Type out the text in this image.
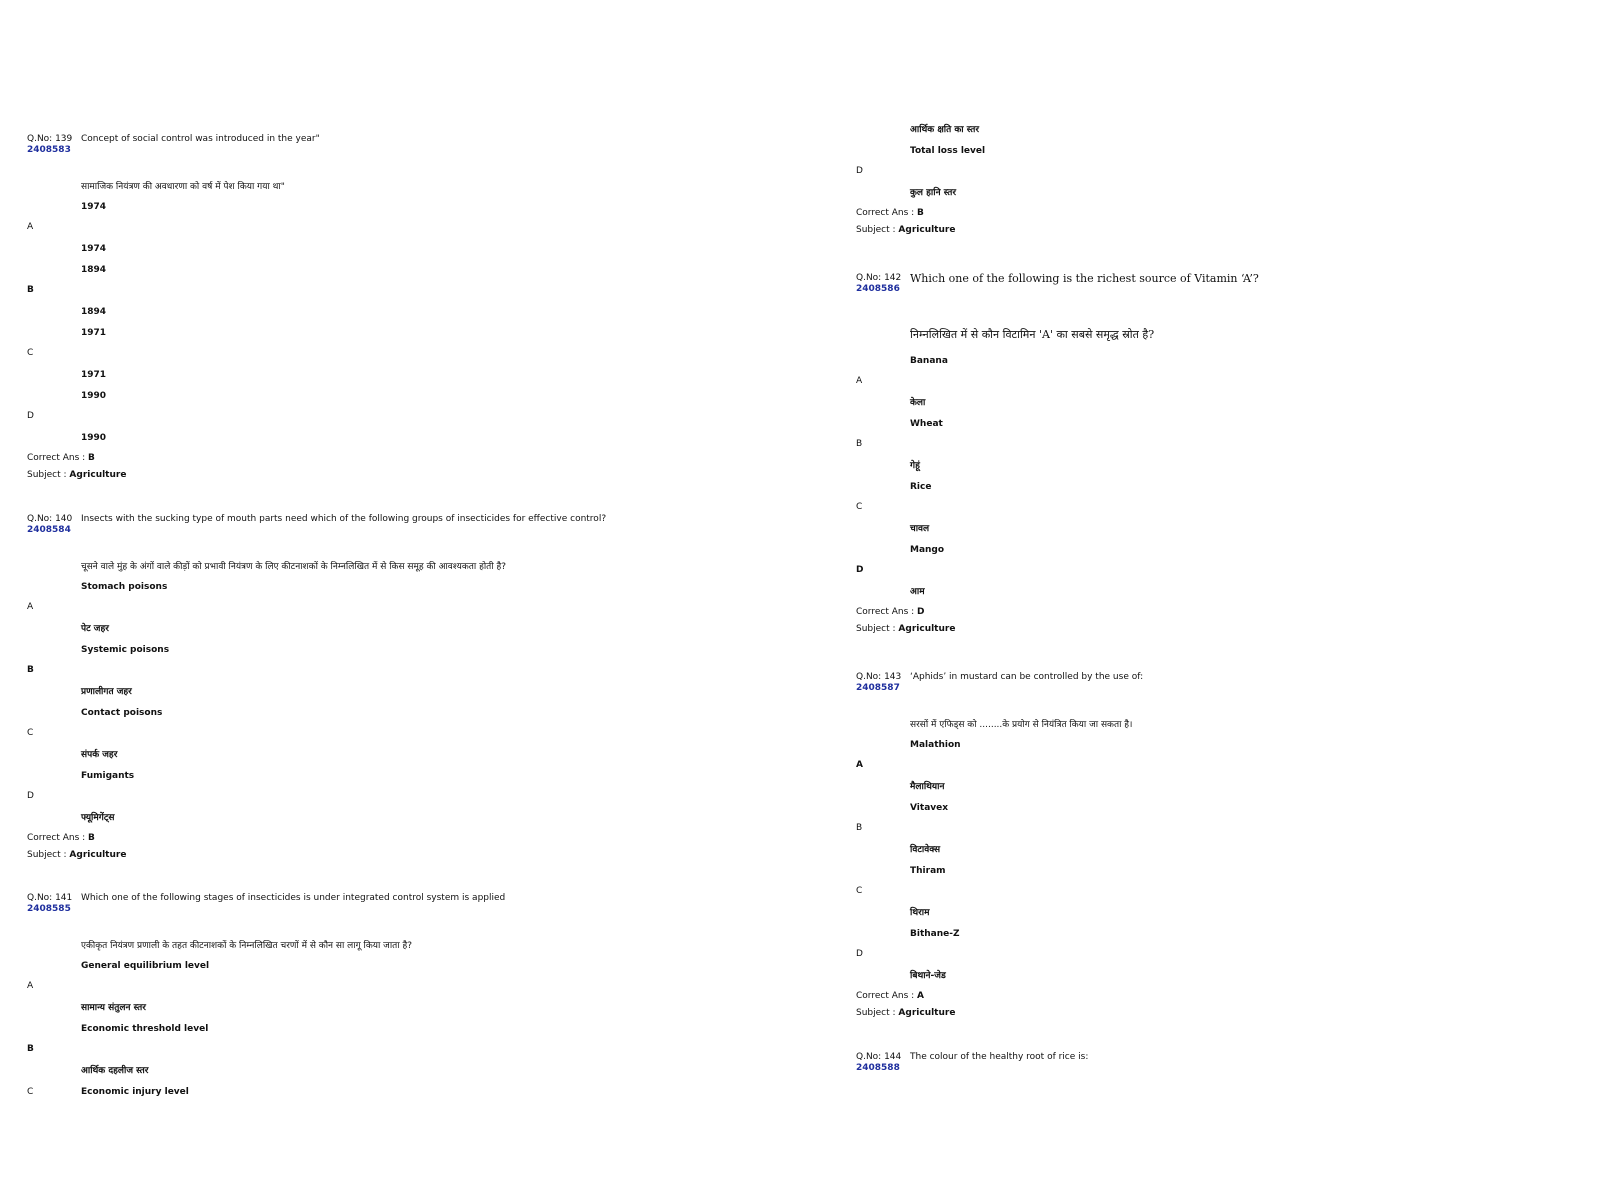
Q.No: 139
2408583
Concept of social control was introduced in the year"
सामाजिक नियंत्रण की अवधारणा को वर्ष में पेश किया गया था"
1974
A
1974
1894
B
1894
1971
C
1971
1990
D
1990
Correct Ans : B
Subject : Agriculture
Q.No: 140
2408584
Insects with the sucking type of mouth parts need which of the following groups of insecticides for effective control?
चूसने वाले मुंह के अंगों वाले कीड़ों को प्रभावी नियंत्रण के लिए कीटनाशकों के निम्नलिखित में से किस समूह की आवश्यकता होती है?
Stomach poisons
A
पेट जहर
Systemic poisons
B
प्रणालीगत जहर
Contact poisons
C
संपर्क जहर
Fumigants
D
फ्यूमिगेंट्स
Correct Ans : B
Subject : Agriculture
Q.No: 141
2408585
Which one of the following stages of insecticides is under integrated control system is applied
एकीकृत नियंत्रण प्रणाली के तहत कीटनाशकों के निम्नलिखित चरणों में से कौन सा लागू किया जाता है?
General equilibrium level
A
सामान्य संतुलन स्तर
Economic threshold level
B
आर्थिक दहलीज स्तर
C	Economic injury level
आर्थिक क्षति का स्तर
Total loss level
D
कुल हानि स्तर
Correct Ans : B
Subject : Agriculture
Q.No: 142
2408586
Which one of the following is the richest source of Vitamin ‘A’?
निम्नलिखित में से कौन विटामिन 'A' का सबसे समृद्ध स्रोत है?
Banana
A
केला
Wheat
B
गेहूं
Rice
C
चावल
Mango
D
आम
Correct Ans : D
Subject : Agriculture
Q.No: 143
2408587
‘Aphids’ in mustard can be controlled by the use of:
सरसों में एफिड्स को ........के प्रयोग से नियंत्रित किया जा सकता है।
Malathion
A
मैलाथियान
Vitavex
B
विटावेक्स
Thiram
C
थिराम
Bithane-Z
D
बिथाने-जेड
Correct Ans : A
Subject : Agriculture
Q.No: 144
2408588
The colour of the healthy root of rice is:
